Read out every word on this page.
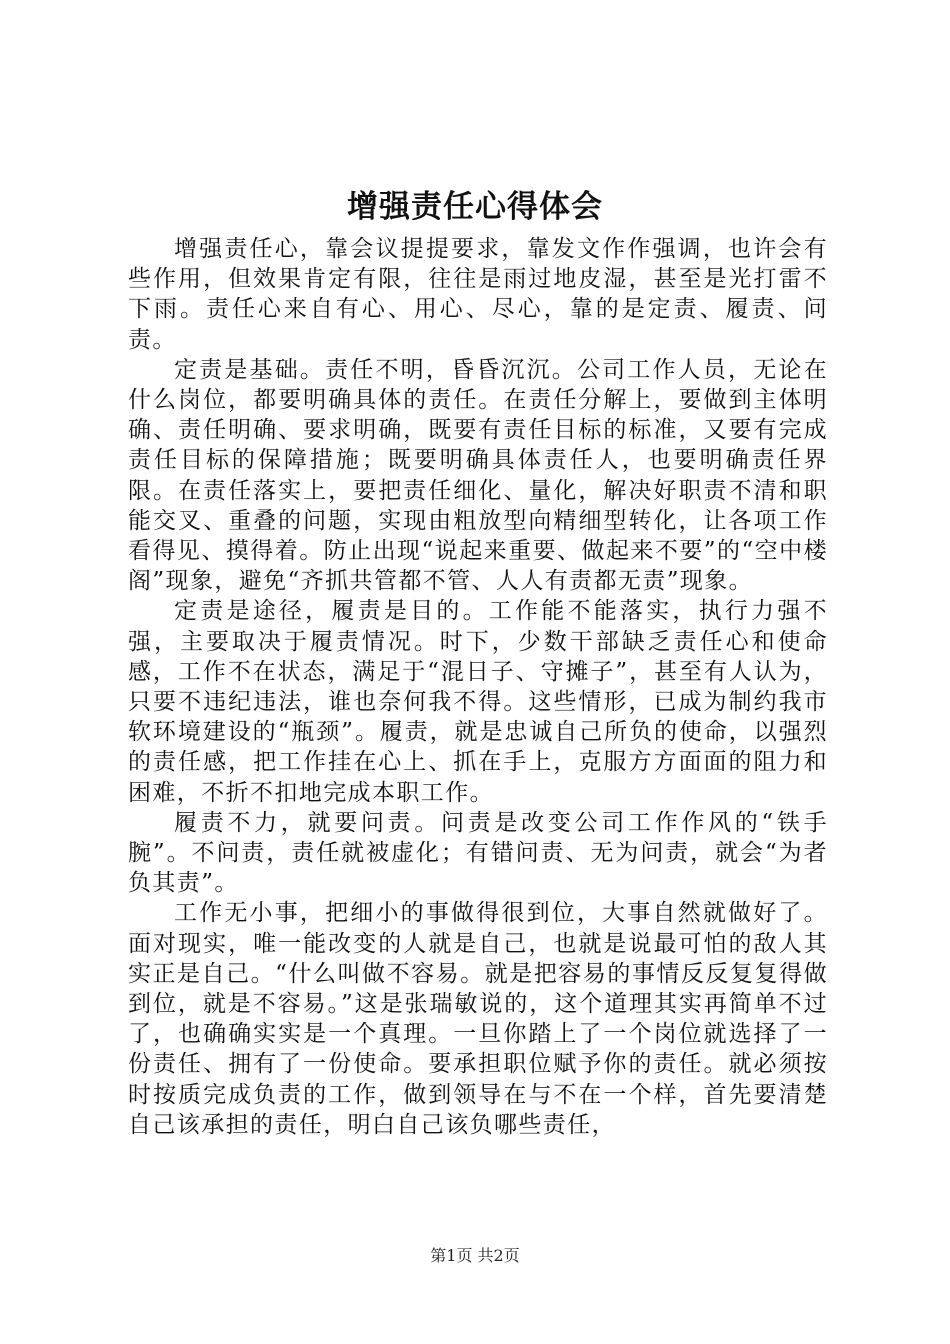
增强责任心得体会

增强责任心，靠会议提提要求，靠发文作作强调，也许会有些作用，但效果肯定有限，往往是雨过地皮湿，甚至是光打雷不下雨。责任心来自有心、用心、尽心，靠的是定责、履责、问责。

定责是基础。责任不明，昏昏沉沉。公司工作人员，无论在什么岗位，都要明确具体的责任。在责任分解上，要做到主体明确、责任明确、要求明确，既要有责任目标的标准，又要有完成责任目标的保障措施；既要明确具体责任人，也要明确责任界限。在责任落实上，要把责任细化、量化，解决好职责不清和职能交叉、重叠的问题，实现由粗放型向精细型转化，让各项工作看得见、摸得着。防止出现“说起来重要、做起来不要”的“空中楼阁”现象，避免“齐抓共管都不管、人人有责都无责”现象。

定责是途径，履责是目的。工作能不能落实，执行力强不强，主要取决于履责情况。时下，少数干部缺乏责任心和使命感，工作不在状态，满足于“混日子、守摊子”，甚至有人认为，只要不违纪违法，谁也奈何我不得。这些情形，已成为制约我市软环境建设的“瓶颈”。履责，就是忠诚自己所负的使命，以强烈的责任感，把工作挂在心上、抓在手上，克服方方面面的阻力和困难，不折不扣地完成本职工作。

履责不力，就要问责。问责是改变公司工作作风的“铁手腕”。不问责，责任就被虚化；有错问责、无为问责，就会“为者负其责”。

工作无小事，把细小的事做得很到位，大事自然就做好了。面对现实，唯一能改变的人就是自己，也就是说最可怕的敌人其实正是自己。“什么叫做不容易。就是把容易的事情反反复复得做到位，就是不容易。”这是张瑞敏说的，这个道理其实再简单不过了，也确确实实是一个真理。一旦你踏上了一个岗位就选择了一份责任、拥有了一份使命。要承担职位赋予你的责任。就必须按时按质完成负责的工作，做到领导在与不在一个样，首先要清楚自己该承担的责任，明白自己该负哪些责任，

第1页 共2页
